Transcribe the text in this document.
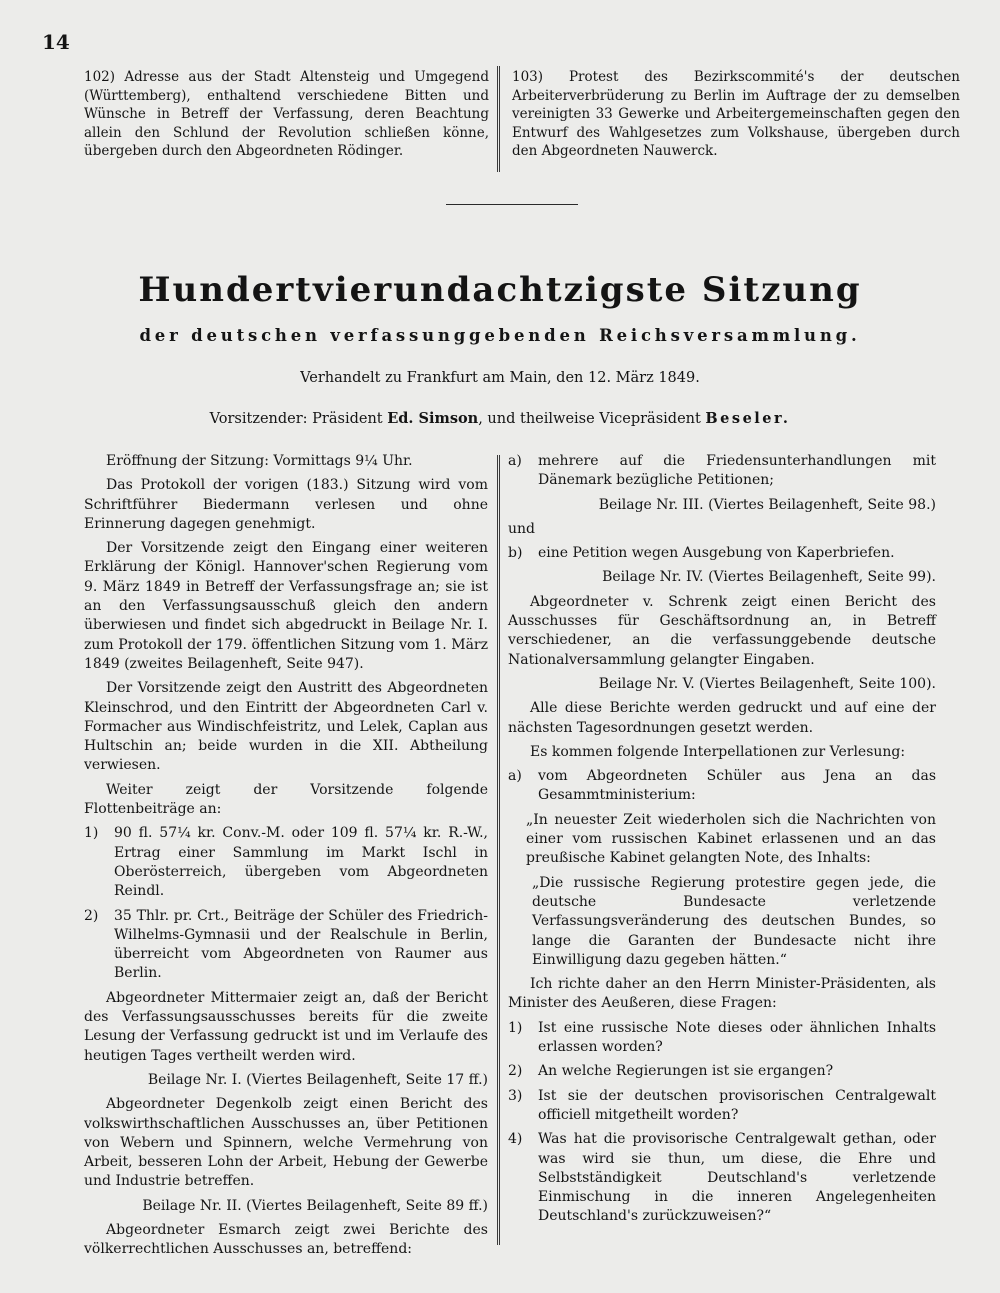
14
102) Adresse aus der Stadt Altensteig und Umgegend (Württemberg), enthaltend verschiedene Bitten und Wünsche in Betreff der Verfassung, deren Beachtung allein den Schlund der Revolution schließen könne, übergeben durch den Abgeordneten Rödinger.
103) Protest des Bezirkscommité's der deutschen Arbeiterverbrüderung zu Berlin im Auftrage der zu demselben vereinigten 33 Gewerke und Arbeitergemeinschaften gegen den Entwurf des Wahlgesetzes zum Volkshause, übergeben durch den Abgeordneten Nauwerck.
Hundertvierundachtzigste Sitzung
der deutschen verfassunggebenden Reichsversammlung.
Verhandelt zu Frankfurt am Main, den 12. März 1849.
Vorsitzender: Präsident Ed. Simson, und theilweise Vicepräsident Beseler.

Eröffnung der Sitzung: Vormittags 9¼ Uhr.

Das Protokoll der vorigen (183.) Sitzung wird vom Schriftführer Biedermann verlesen und ohne Erinnerung dagegen genehmigt.

Der Vorsitzende zeigt den Eingang einer weiteren Erklärung der Königl. Hannover'schen Regierung vom 9. März 1849 in Betreff der Verfassungsfrage an; sie ist an den Verfassungsausschuß gleich den andern überwiesen und findet sich abgedruckt in Beilage Nr. I. zum Protokoll der 179. öffentlichen Sitzung vom 1. März 1849 (zweites Beilagenheft, Seite 947).

Der Vorsitzende zeigt den Austritt des Abgeordneten Kleinschrod, und den Eintritt der Abgeordneten Carl v. Formacher aus Windischfeistritz, und Lelek, Caplan aus Hultschin an; beide wurden in die XII. Abtheilung verwiesen.

Weiter zeigt der Vorsitzende folgende Flottenbeiträge an:

1)	90 fl. 57¼ kr. Conv.-M. oder 109 fl. 57¼ kr. R.-W., Ertrag einer Sammlung im Markt Ischl in Oberösterreich, übergeben vom Abgeordneten Reindl.
2)	35 Thlr. pr. Crt., Beiträge der Schüler des Friedrich-Wilhelms-Gymnasii und der Realschule in Berlin, überreicht vom Abgeordneten von Raumer aus Berlin.

Abgeordneter Mittermaier zeigt an, daß der Bericht des Verfassungsausschusses bereits für die zweite Lesung der Verfassung gedruckt ist und im Verlaufe des heutigen Tages vertheilt werden wird.

Beilage Nr. I. (Viertes Beilagenheft, Seite 17 ff.)

Abgeordneter Degenkolb zeigt einen Bericht des volkswirthschaftlichen Ausschusses an, über Petitionen von Webern und Spinnern, welche Vermehrung von Arbeit, besseren Lohn der Arbeit, Hebung der Gewerbe und Industrie betreffen.

Beilage Nr. II. (Viertes Beilagenheft, Seite 89 ff.)

Abgeordneter Esmarch zeigt zwei Berichte des völkerrechtlichen Ausschusses an, betreffend:

a)	mehrere auf die Friedensunterhandlungen mit Dänemark bezügliche Petitionen;

Beilage Nr. III. (Viertes Beilagenheft, Seite 98.)

und

b)	eine Petition wegen Ausgebung von Kaperbriefen.

Beilage Nr. IV. (Viertes Beilagenheft, Seite 99).

Abgeordneter v. Schrenk zeigt einen Bericht des Ausschusses für Geschäftsordnung an, in Betreff verschiedener, an die verfassunggebende deutsche Nationalversammlung gelangter Eingaben.

Beilage Nr. V. (Viertes Beilagenheft, Seite 100).

Alle diese Berichte werden gedruckt und auf eine der nächsten Tagesordnungen gesetzt werden.

Es kommen folgende Interpellationen zur Verlesung:

a)	vom Abgeordneten Schüler aus Jena an das Gesammtministerium:

„In neuester Zeit wiederholen sich die Nachrichten von einer vom russischen Kabinet erlassenen und an das preußische Kabinet gelangten Note, des Inhalts:

„Die russische Regierung protestire gegen jede, die deutsche Bundesacte verletzende Verfassungsveränderung des deutschen Bundes, so lange die Garanten der Bundesacte nicht ihre Einwilligung dazu gegeben hätten.“

Ich richte daher an den Herrn Minister-Präsidenten, als Minister des Aeußeren, diese Fragen:

1)	Ist eine russische Note dieses oder ähnlichen Inhalts erlassen worden?
2)	An welche Regierungen ist sie ergangen?
3)	Ist sie der deutschen provisorischen Centralgewalt officiell mitgetheilt worden?
4)	Was hat die provisorische Centralgewalt gethan, oder was wird sie thun, um diese, die Ehre und Selbstständigkeit Deutschland's verletzende Einmischung in die inneren Angelegenheiten Deutschland's zurückzuweisen?“
